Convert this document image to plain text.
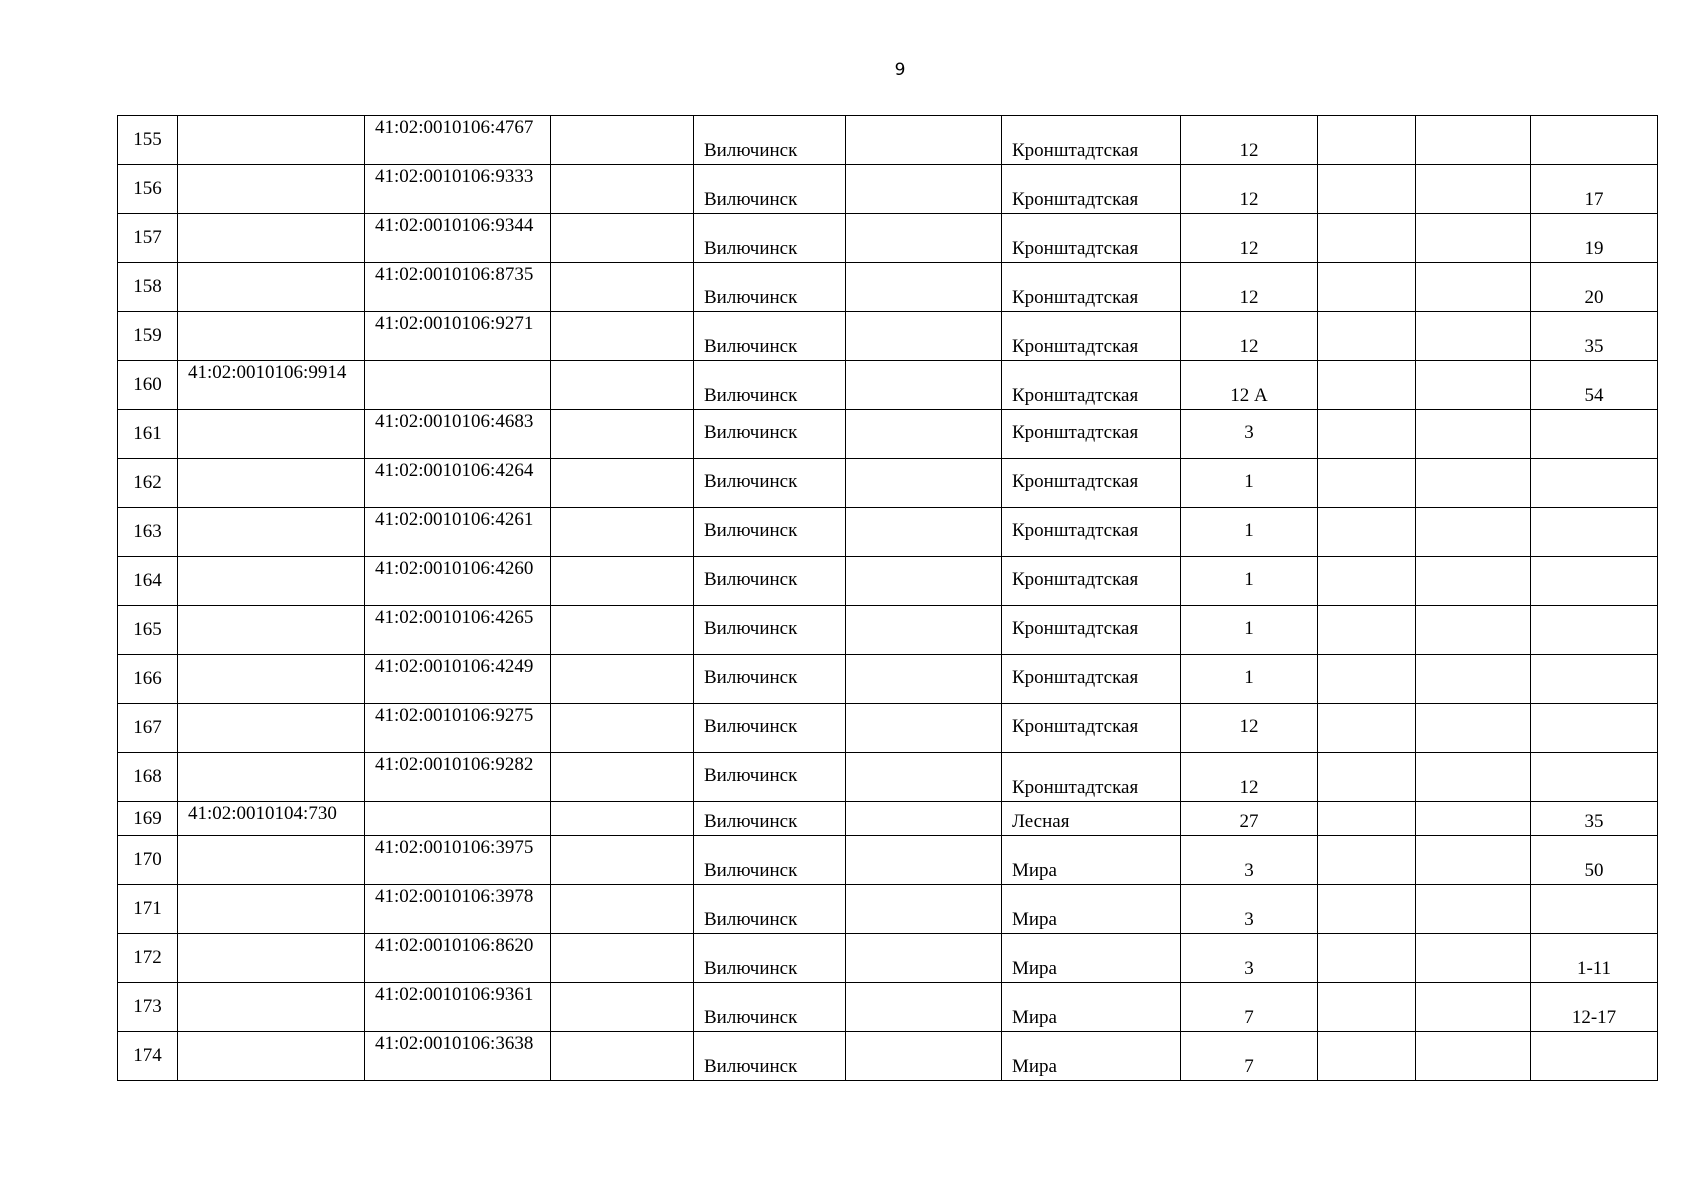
9
155		41:02:0010106:4767		Вилючинск		Кронштадтская	12			
156		41:02:0010106:9333		Вилючинск		Кронштадтская	12			17
157		41:02:0010106:9344		Вилючинск		Кронштадтская	12			19
158		41:02:0010106:8735		Вилючинск		Кронштадтская	12			20
159		41:02:0010106:9271		Вилючинск		Кронштадтская	12			35
160	41:02:0010106:9914			Вилючинск		Кронштадтская	12 А			54
161		41:02:0010106:4683		Вилючинск		Кронштадтская	3			
162		41:02:0010106:4264		Вилючинск		Кронштадтская	1			
163		41:02:0010106:4261		Вилючинск		Кронштадтская	1			
164		41:02:0010106:4260		Вилючинск		Кронштадтская	1			
165		41:02:0010106:4265		Вилючинск		Кронштадтская	1			
166		41:02:0010106:4249		Вилючинск		Кронштадтская	1			
167		41:02:0010106:9275		Вилючинск		Кронштадтская	12			
168		41:02:0010106:9282		Вилючинск		Кронштадтская	12			
169	41:02:0010104:730			Вилючинск		Лесная	27			35
170		41:02:0010106:3975		Вилючинск		Мира	3			50
171		41:02:0010106:3978		Вилючинск		Мира	3			
172		41:02:0010106:8620		Вилючинск		Мира	3			1-11
173		41:02:0010106:9361		Вилючинск		Мира	7			12-17
174		41:02:0010106:3638		Вилючинск		Мира	7			
